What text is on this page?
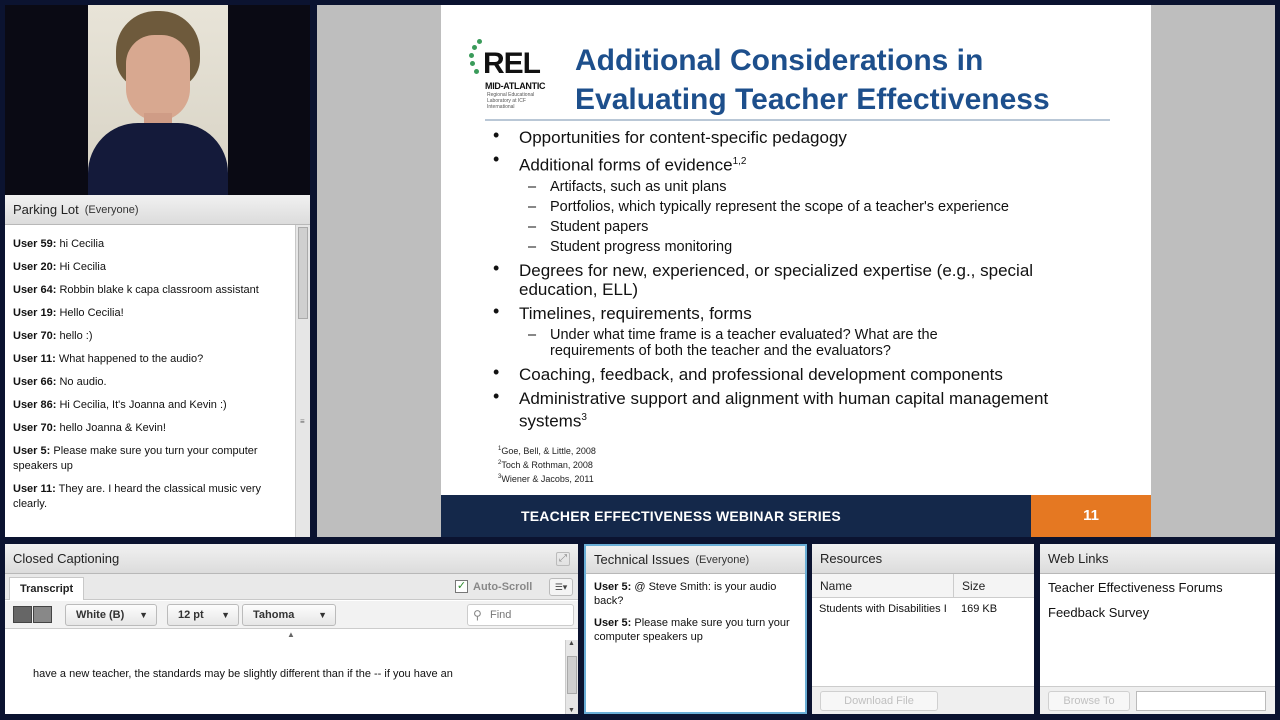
Parking Lot (Everyone)
User 59: hi Cecilia
User 20: Hi Cecilia
User 64: Robbin blake k capa classroom assistant
User 19: Hello Cecilia!
User 70: hello :)
User 11: What happened to the audio?
User 66: No audio.
User 86: Hi Cecilia, It's Joanna and Kevin :)
User 70: hello Joanna & Kevin!
User 5: Please make sure you turn your computer speakers up
User 11: They are. I heard the classical music very clearly.
≡
REL
MID-ATLANTIC
Regional Educational Laboratory at ICF International
Additional Considerations in
Evaluating Teacher Effectiveness
• Opportunities for content-specific pedagogy
• Additional forms of evidence$^{1,2}$
– Artifacts, such as unit plans
– Portfolios, which typically represent the scope of a teacher's experience
– Student papers
– Student progress monitoring
• Degrees for new, experienced, or specialized expertise (e.g., special education, ELL)
• Timelines, requirements, forms
– Under what time frame is a teacher evaluated? What are the requirements of both the teacher and the evaluators?
• Coaching, feedback, and professional development components
• Administrative support and alignment with human capital management systems$^3$
$^1$Goe, Bell, & Little, 2008
$^2$Toch & Rothman, 2008
$^3$Wiener & Jacobs, 2011
TEACHER EFFECTIVENESS WEBINAR SERIES	11
Closed Captioning	⤢
Transcript	✓ Auto-Scroll	☰▾
White (B) ▼	12 pt ▼	Tahoma	▼	⚲ Find
▲
have a new teacher, the standards may be slightly different than if the -- if you have an
▲
▼
Technical Issues (Everyone)
User 5: @ Steve Smith: is your audio back?
User 5: Please make sure you turn your computer speakers up
Resources
Name	Size
Students with Disabilities I	169 KB
Download File
Web Links
Teacher Effectiveness Forums
Feedback Survey
Browse To
